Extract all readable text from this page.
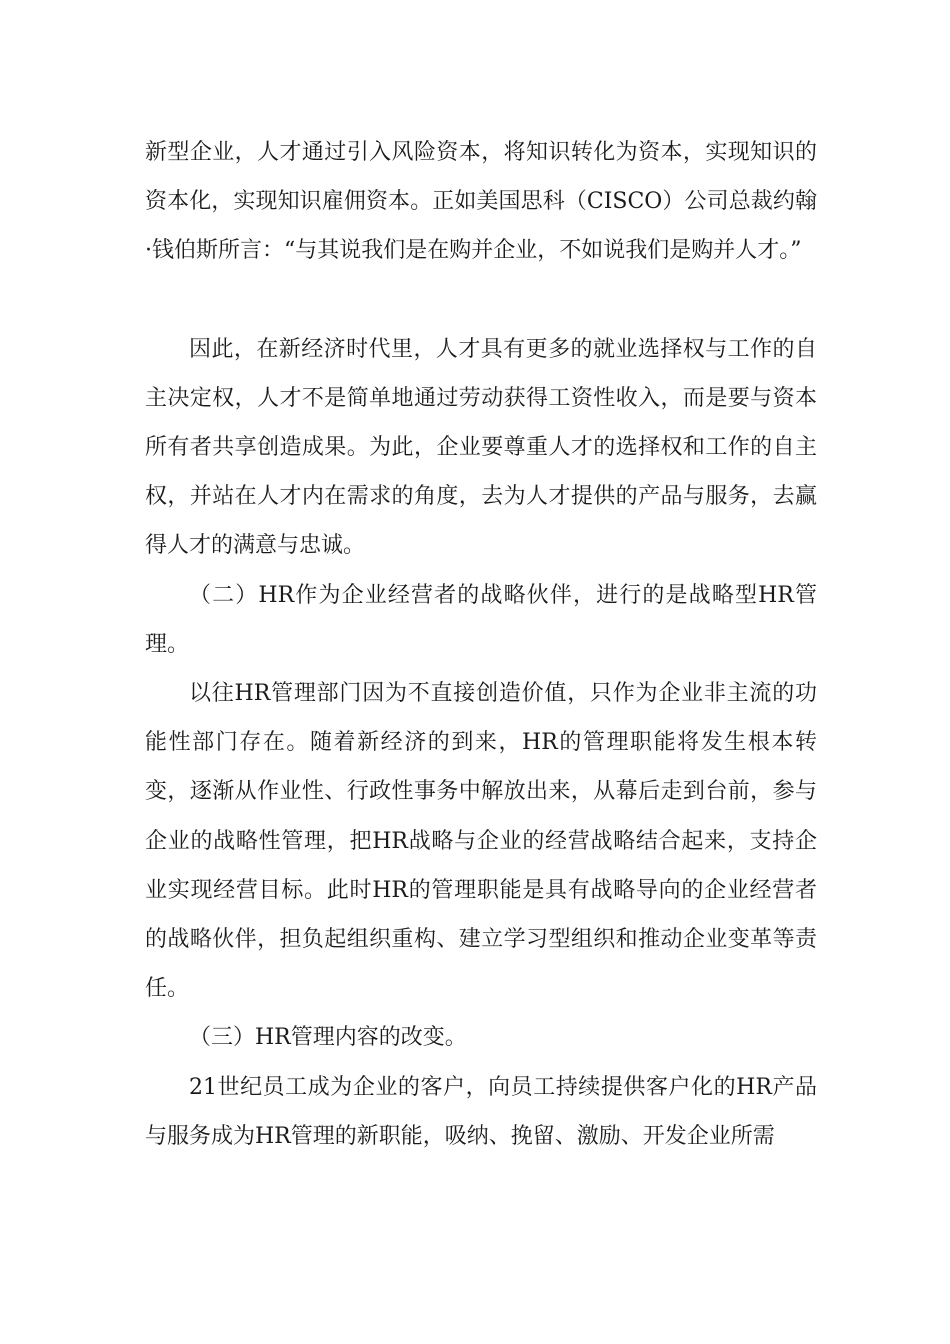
新型企业，人才通过引入风险资本，将知识转化为资本，实现知识的资本化，实现知识雇佣资本。正如美国思科（CISCO）公司总裁约翰·钱伯斯所言：“与其说我们是在购并企业，不如说我们是购并人才。”

因此，在新经济时代里，人才具有更多的就业选择权与工作的自主决定权，人才不是简单地通过劳动获得工资性收入，而是要与资本所有者共享创造成果。为此，企业要尊重人才的选择权和工作的自主权，并站在人才内在需求的角度，去为人才提供的产品与服务，去赢得人才的满意与忠诚。

（二）HR作为企业经营者的战略伙伴，进行的是战略型HR管理。

以往HR管理部门因为不直接创造价值，只作为企业非主流的功能性部门存在。随着新经济的到来，HR的管理职能将发生根本转变，逐渐从作业性、行政性事务中解放出来，从幕后走到台前，参与企业的战略性管理，把HR战略与企业的经营战略结合起来，支持企业实现经营目标。此时HR的管理职能是具有战略导向的企业经营者的战略伙伴，担负起组织重构、建立学习型组织和推动企业变革等责任。

（三）HR管理内容的改变。

21世纪员工成为企业的客户，向员工持续提供客户化的HR产品与服务成为HR管理的新职能，吸纳、挽留、激励、开发企业所需
